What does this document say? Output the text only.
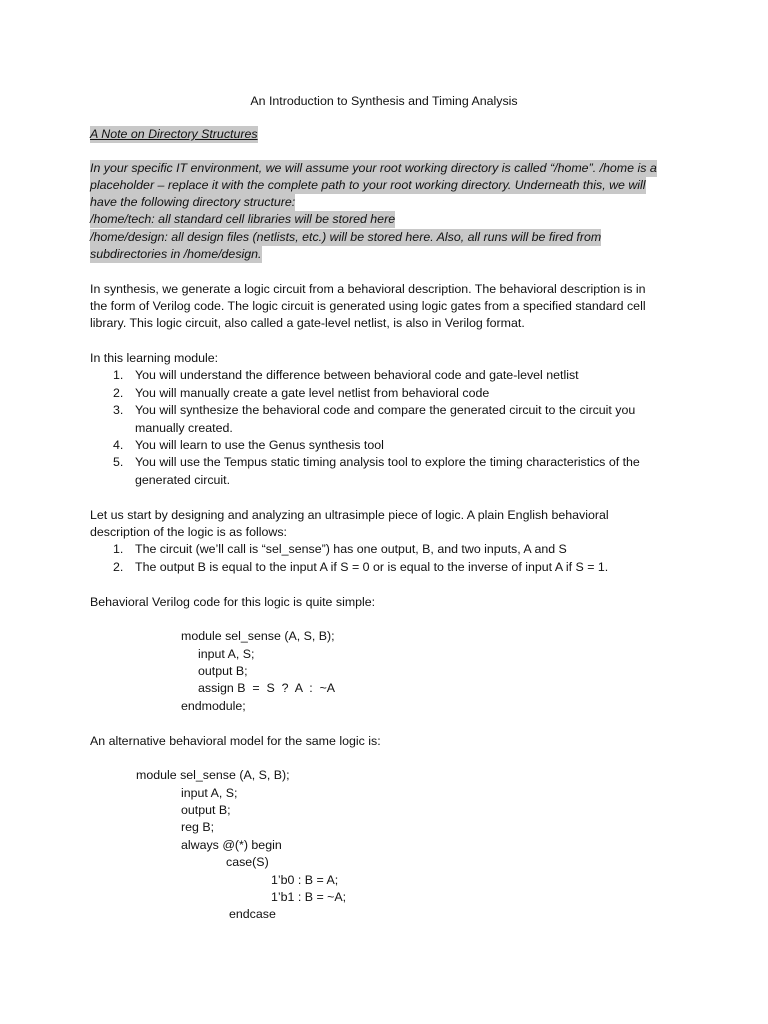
An Introduction to Synthesis and Timing Analysis
A Note on Directory Structures
In your specific IT environment, we will assume your root working directory is called “/home”. /home is a
placeholder – replace it with the complete path to your root working directory. Underneath this, we will
have the following directory structure:
/home/tech: all standard cell libraries will be stored here
/home/design: all design files (netlists, etc.) will be stored here. Also, all runs will be fired from
subdirectories in /home/design.
In synthesis, we generate a logic circuit from a behavioral description. The behavioral description is in
the form of Verilog code. The logic circuit is generated using logic gates from a specified standard cell
library. This logic circuit, also called a gate-level netlist, is also in Verilog format.
In this learning module:
1. You will understand the difference between behavioral code and gate-level netlist
2. You will manually create a gate level netlist from behavioral code
3. You will synthesize the behavioral code and compare the generated circuit to the circuit you
manually created.
4. You will learn to use the Genus synthesis tool
5. You will use the Tempus static timing analysis tool to explore the timing characteristics of the
generated circuit.
Let us start by designing and analyzing an ultrasimple piece of logic. A plain English behavioral
description of the logic is as follows:
1. The circuit (we’ll call is “sel_sense”) has one output, B, and two inputs, A and S
2. The output B is equal to the input A if S = 0 or is equal to the inverse of input A if S = 1.
Behavioral Verilog code for this logic is quite simple:
module sel_sense (A, S, B);
input A, S;
output B;
assign B  =  S  ?  A  :  ~A
endmodule;
An alternative behavioral model for the same logic is:
module sel_sense (A, S, B);
input A, S;
output B;
reg B;
always @(*) begin
case(S)
1’b0 : B = A;
1’b1 : B = ~A;
endcase
